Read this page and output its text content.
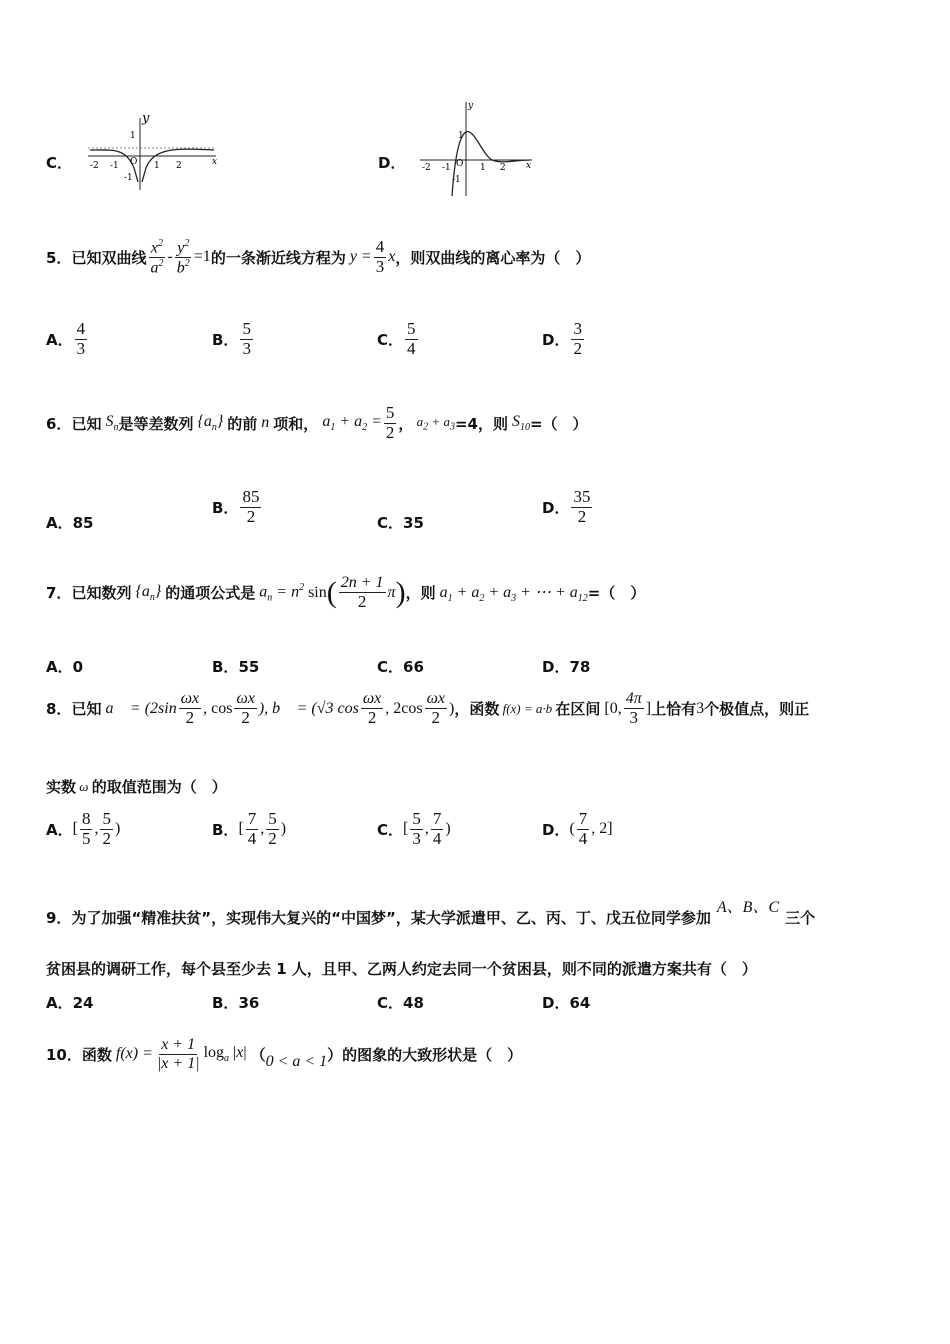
C．
y
x
1
-2 -1 O 1 2
-1
D．
y
x
1
-2 -1 O 1 2
-1
5． 已知双曲线 $\frac{x^2}{a^2} - \frac{y^2}{b^2} =1$ 的一条渐近线方程为 $y = \frac{4}{3}$ x ，则双曲线的离心率为（　）
A． $\frac{4}{3}$	B． $\frac{5}{3}$	C． $\frac{5}{4}$	D． $\frac{3}{2}$
6． 已知 $S_n$ 是等差数列 $\{a_n\}$ 的前 n 项和， $a_1 + a_2 = \frac{5}{2}$ ， $a_2 + a_3 =4$，则 $S_{10}$ =（　）
A． 85
B． $\frac{85}{2}$	C． 35
D． $\frac{35}{2}$
7． 已知数列 $\{a_n\}$ 的通项公式是 $a_n = n^2$ sin ( $\frac{2n + 1}{2}$ π ) ，则 $a_1 + a_2 + a_3$ + ⋯ + $a_{12}$ =（　）
A． 0	B． 55	C． 66	D． 78
8． 已知 a⃗ = ($2\sin \frac{\omega x}{2}$ , $\cos \frac{\omega x}{2}$ ), b⃗ = (√3 $\cos \frac{\omega x}{2}$ , $2\cos \frac{\omega x}{2}$ ) ，函数 f(x) = a·b 在区间 [0, $\frac{4\pi}{3}$ ] 上恰有 3 个极值点，则正
实数 ω 的取值范围为（　）
A． [ $\frac{8}{5}$ , $\frac{5}{2}$ )	B． [ $\frac{7}{4}$ , $\frac{5}{2}$ )	C． [ $\frac{5}{3}$ , $\frac{7}{4}$ )	D． ( $\frac{7}{4}$ , 2]
9． 为了加强“精准扶贫”，实现伟大复兴的“中国梦”，某大学派遣甲、乙、丙、丁、戊五位同学参加
A、B、C
三个
贫困县的调研工作，每个县至少去 1 人，且甲、乙两人约定去同一个贫困县，则不同的派遣方案共有（　）
A． 24	B． 36	C． 48	D． 64
10． 函数 $f(x) = \frac{x + 1}{|x + 1|} \log_a |x|$ （ 0 < a < 1 ）的图象的大致形状是（　）
